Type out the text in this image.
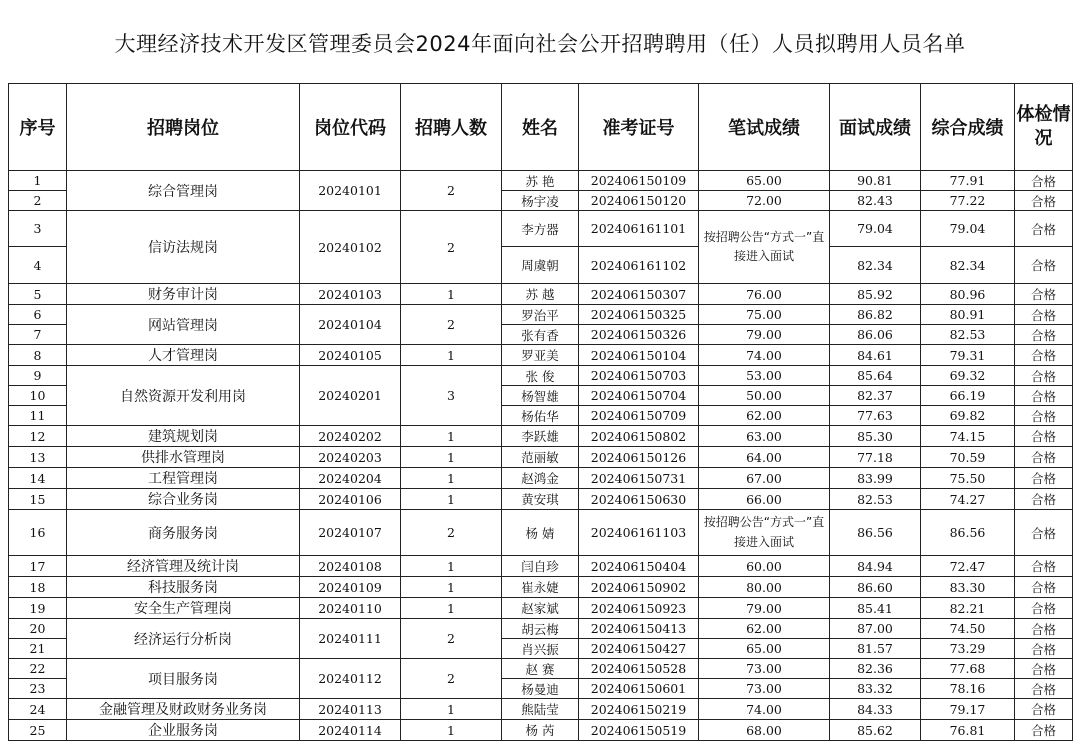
大理经济技术开发区管理委员会2024年面向社会公开招聘聘用（任）人员拟聘用人员名单
序号	招聘岗位	岗位代码	招聘人数	姓名	准考证号	笔试成绩	面试成绩	综合成绩	体检情况
1	综合管理岗	20240101	2	苏 艳	202406150109	65.00	90.81	77.91	合格
2				杨宇凌	202406150120	72.00	82.43	77.22	合格
3	信访法规岗	20240102	2	李方器	202406161101	按招聘公告“方式一”直接进入面试	79.04	79.04	合格
4				周虞朝	202406161102		82.34	82.34	合格
5	财务审计岗	20240103	1	苏 越	202406150307	76.00	85.92	80.96	合格
6	网站管理岗	20240104	2	罗治平	202406150325	75.00	86.82	80.91	合格
7				张有香	202406150326	79.00	86.06	82.53	合格
8	人才管理岗	20240105	1	罗亚美	202406150104	74.00	84.61	79.31	合格
9	自然资源开发利用岗	20240201	3	张 俊	202406150703	53.00	85.64	69.32	合格
10				杨智雄	202406150704	50.00	82.37	66.19	合格
11				杨佑华	202406150709	62.00	77.63	69.82	合格
12	建筑规划岗	20240202	1	李跃雄	202406150802	63.00	85.30	74.15	合格
13	供排水管理岗	20240203	1	范丽敏	202406150126	64.00	77.18	70.59	合格
14	工程管理岗	20240204	1	赵鸿金	202406150731	67.00	83.99	75.50	合格
15	综合业务岗	20240106	1	黄安琪	202406150630	66.00	82.53	74.27	合格
16	商务服务岗	20240107	2	杨 婧	202406161103	按招聘公告“方式一”直接进入面试	86.56	86.56	合格
17	经济管理及统计岗	20240108	1	闫自珍	202406150404	60.00	84.94	72.47	合格
18	科技服务岗	20240109	1	崔永婕	202406150902	80.00	86.60	83.30	合格
19	安全生产管理岗	20240110	1	赵家斌	202406150923	79.00	85.41	82.21	合格
20	经济运行分析岗	20240111	2	胡云梅	202406150413	62.00	87.00	74.50	合格
21				肖兴振	202406150427	65.00	81.57	73.29	合格
22	项目服务岗	20240112	2	赵 赛	202406150528	73.00	82.36	77.68	合格
23				杨曼迪	202406150601	73.00	83.32	78.16	合格
24	金融管理及财政财务业务岗	20240113	1	熊陆莹	202406150219	74.00	84.33	79.17	合格
25	企业服务岗	20240114	1	杨 芮	202406150519	68.00	85.62	76.81	合格
